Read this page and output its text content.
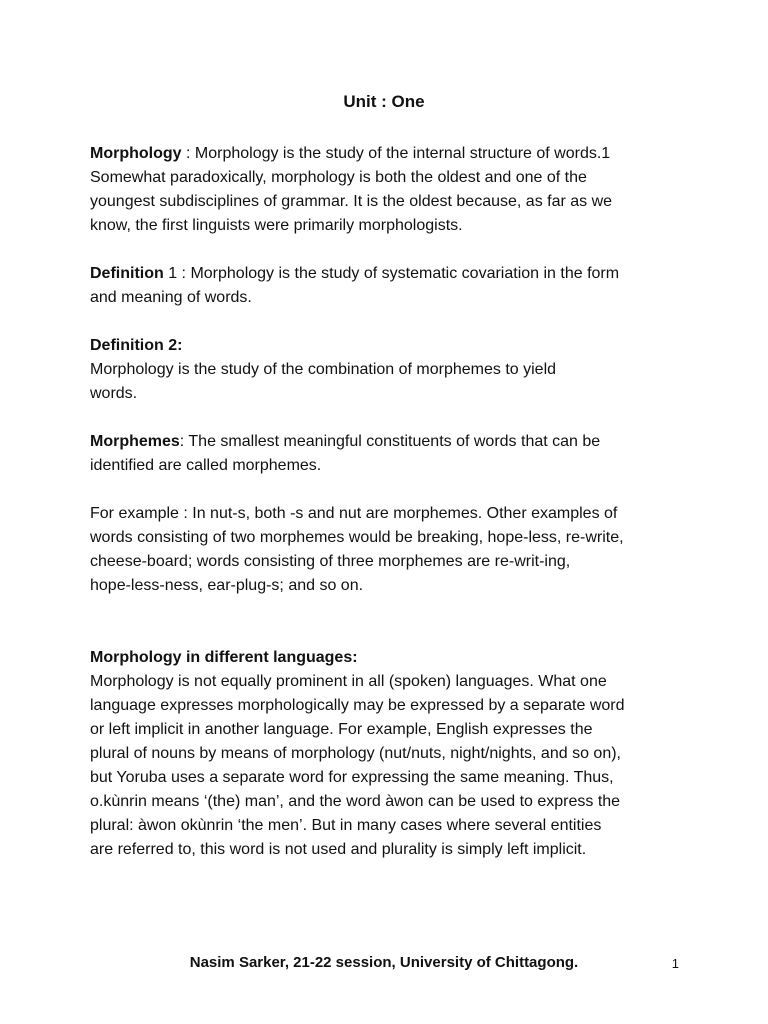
Unit : One

Morphology : Morphology is the study of the internal structure of words.1

Somewhat paradoxically, morphology is both the oldest and one of the

youngest subdisciplines of grammar. It is the oldest because, as far as we

know, the first linguists were primarily morphologists.

Definition 1 : Morphology is the study of systematic covariation in the form

and meaning of words.

Definition 2:

Morphology is the study of the combination of morphemes to yield

words.

Morphemes: The smallest meaningful constituents of words that can be

identified are called morphemes.

For example : In nut-s, both -s and nut are morphemes. Other examples of

words consisting of two morphemes would be breaking, hope-less, re-write,

cheese-board; words consisting of three morphemes are re-writ-ing,

hope-less-ness, ear-plug-s; and so on.

Morphology in different languages:

Morphology is not equally prominent in all (spoken) languages. What one

language expresses morphologically may be expressed by a separate word

or left implicit in another language. For example, English expresses the

plural of nouns by means of morphology (nut/nuts, night/nights, and so on),

but Yoruba uses a separate word for expressing the same meaning. Thus,

o.kùnrin means ‘(the) man’, and the word àwon can be used to express the

plural: àwon okùnrin ‘the men’. But in many cases where several entities

are referred to, this word is not used and plurality is simply left implicit.

Nasim Sarker, 21-22 session, University of Chittagong.	1
